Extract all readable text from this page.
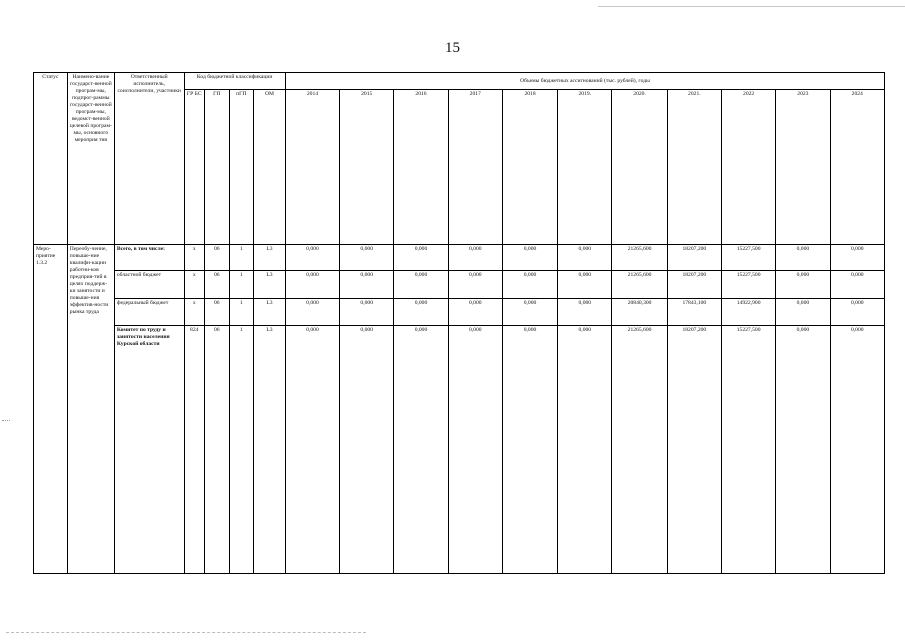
15
Статус	Наимено-вание государст-венной програм-мы, подпрог-раммы государст-венной програм-мы, ведомст-венной целевой програм-мы, основного мероприя тия	Ответственный исполнитель, соисполнители, участники	Код бюджетной классификации				Объемы бюджетных ассигнований (тыс. рублей), годы										
			ГР БС	ГП	пГП	ОМ	2014	2015	2016	2017	2018	2019.	2020.	2021.	2022	2023	2024
Меро-приятие 1.3.2	Переобу-чение, повыше-ние квалифи-кации работни-ков предприя-тий в целях поддерж-ки занятости и повыше-ния эффектив-ности рынка труда	Всего, в том числе:	x	06	1	L3	0,000	0,000	0,000	0,000	0,000	0,000	21265,600	18207,200	15227,500	0,000	0,000
		областной бюджет	x	06	1	L3	0,000	0,000	0,000	0,000	0,000	0,000	21265,600	18207,200	15227,500	0,000	0,000
		федеральный бюджет	x	06	1	L3	0,000	0,000	0,000	0,000	0,000	0,000	20840,300	17843,100	14922,900	0,000	0,000
		Комитет по труду и занятости населения Курской области	824	06	1	L3	0,000	0,000	0,000	0,000	0,000	0,000	21265,600	18207,200	15227,500	0,000	0,000
